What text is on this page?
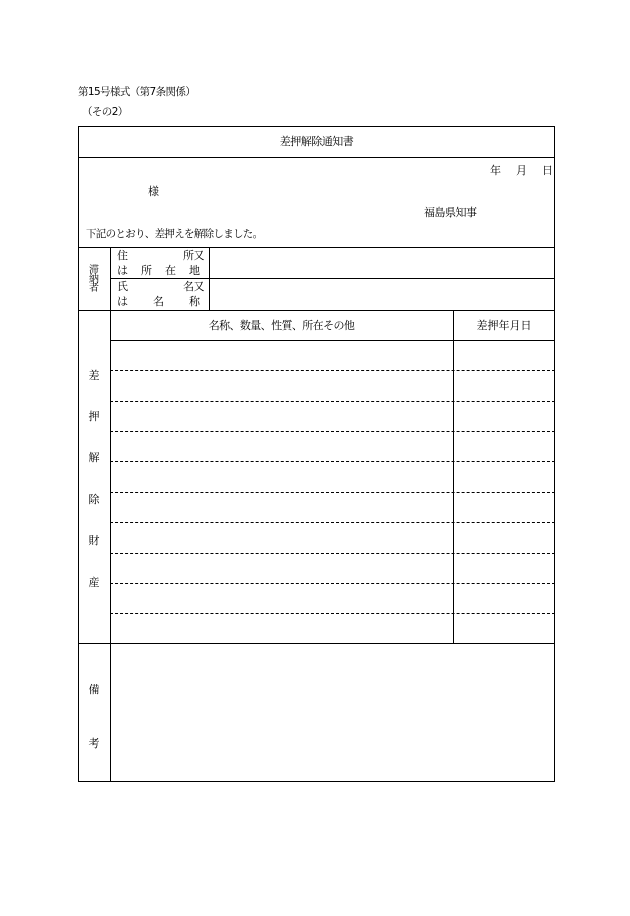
第15号様式（第7条関係）
（その2）
差押解除通知書
年　月　日
様
福島県知事
下記のとおり、差押えを解除しました。
滞
納
者
住	所又
は　所　在　地
氏	名又
は　名　称
名称、数量、性質、所在その他	差押年月日
差
押
解
除
財
産
備
考
